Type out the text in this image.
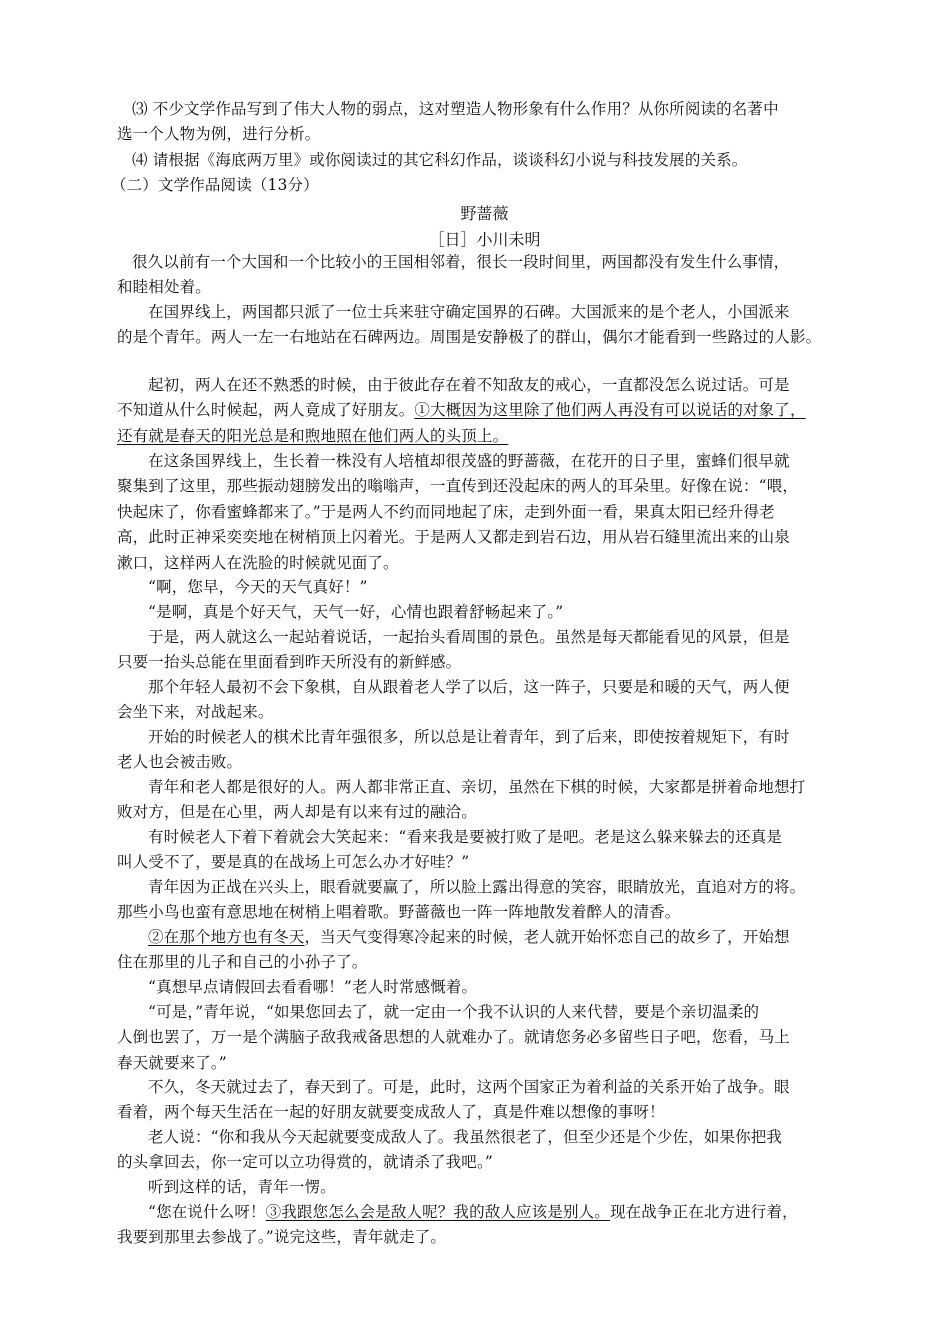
⑶ 不少文学作品写到了伟大人物的弱点，这对塑造人物形象有什么作用？从你所阅读的名著中
选一个人物为例，进行分析。
⑷ 请根据《海底两万里》或你阅读过的其它科幻作品，谈谈科幻小说与科技发展的关系。
（二）文学作品阅读（13分）
野蔷薇
［日］小川未明
很久以前有一个大国和一个比较小的王国相邻着，很长一段时间里，两国都没有发生什么事情，
和睦相处着。
在国界线上，两国都只派了一位士兵来驻守确定国界的石碑。大国派来的是个老人，小国派来
的是个青年。两人一左一右地站在石碑两边。周围是安静极了的群山，偶尔才能看到一些路过的人影。
起初，两人在还不熟悉的时候，由于彼此存在着不知敌友的戒心，一直都没怎么说过话。可是
不知道从什么时候起，两人竟成了好朋友。①大概因为这里除了他们两人再没有可以说话的对象了，
还有就是春天的阳光总是和煦地照在他们两人的头顶上。
在这条国界线上，生长着一株没有人培植却很茂盛的野蔷薇，在花开的日子里，蜜蜂们很早就
聚集到了这里，那些振动翅膀发出的嗡嗡声，一直传到还没起床的两人的耳朵里。好像在说：“喂，
快起床了，你看蜜蜂都来了。”于是两人不约而同地起了床，走到外面一看，果真太阳已经升得老
高，此时正神采奕奕地在树梢顶上闪着光。于是两人又都走到岩石边，用从岩石缝里流出来的山泉
漱口，这样两人在洗脸的时候就见面了。
“啊，您早，今天的天气真好！”
“是啊，真是个好天气，天气一好，心情也跟着舒畅起来了。”
于是，两人就这么一起站着说话，一起抬头看周围的景色。虽然是每天都能看见的风景，但是
只要一抬头总能在里面看到昨天所没有的新鲜感。
那个年轻人最初不会下象棋，自从跟着老人学了以后，这一阵子，只要是和暖的天气，两人便
会坐下来，对战起来。
开始的时候老人的棋术比青年强很多，所以总是让着青年，到了后来，即使按着规矩下，有时
老人也会被击败。
青年和老人都是很好的人。两人都非常正直、亲切，虽然在下棋的时候，大家都是拼着命地想打
败对方，但是在心里，两人却是有以来有过的融洽。
有时候老人下着下着就会大笑起来：“看来我是要被打败了是吧。老是这么躲来躲去的还真是
叫人受不了，要是真的在战场上可怎么办才好哇？”
青年因为正战在兴头上，眼看就要赢了，所以脸上露出得意的笑容，眼睛放光，直追对方的将。
那些小鸟也蛮有意思地在树梢上唱着歌。野蔷薇也一阵一阵地散发着醉人的清香。
②在那个地方也有冬天，当天气变得寒冷起来的时候，老人就开始怀恋自己的故乡了，开始想
住在那里的儿子和自己的小孙子了。
“真想早点请假回去看看哪！”老人时常感慨着。
“可是，”青年说，“如果您回去了，就一定由一个我不认识的人来代替，要是个亲切温柔的
人倒也罢了，万一是个满脑子敌我戒备思想的人就难办了。就请您务必多留些日子吧，您看，马上
春天就要来了。”
不久，冬天就过去了，春天到了。可是，此时，这两个国家正为着利益的关系开始了战争。眼
看着，两个每天生活在一起的好朋友就要变成敌人了，真是件难以想像的事呀！
老人说：“你和我从今天起就要变成敌人了。我虽然很老了，但至少还是个少佐，如果你把我
的头拿回去，你一定可以立功得赏的，就请杀了我吧。”
听到这样的话，青年一愣。
“您在说什么呀！③我跟您怎么会是敌人呢？我的敌人应该是别人。现在战争正在北方进行着，
我要到那里去参战了。”说完这些，青年就走了。
